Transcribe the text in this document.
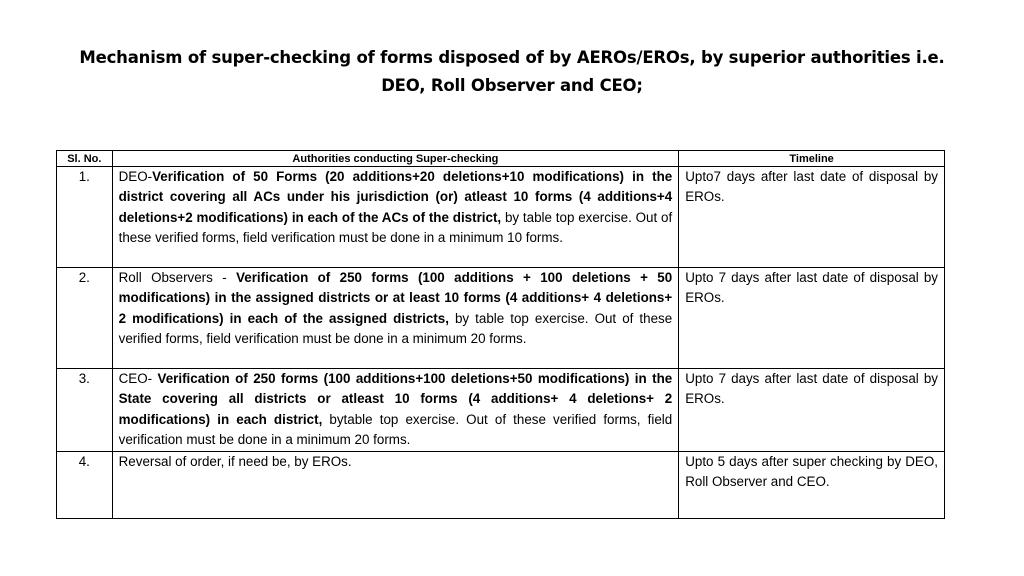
Mechanism of super-checking of forms disposed of by AEROs/EROs, by superior authorities i.e.
DEO, Roll Observer and CEO;
Sl. No.	Authorities conducting Super-checking	Timeline
1.	DEO-Verification of 50 Forms (20 additions+20 deletions+10 modifications) in the district covering all ACs under his jurisdiction (or) atleast 10 forms (4 additions+4 deletions+2 modifications) in each of the ACs of the district, by table top exercise. Out of these verified forms, field verification must be done in a minimum 10 forms.	Upto7 days after last date of disposal by EROs.
2.	Roll Observers - Verification of 250 forms (100 additions + 100 deletions + 50 modifications) in the assigned districts or at least 10 forms (4 additions+ 4 deletions+ 2 modifications) in each of the assigned districts, by table top exercise. Out of these verified forms, field verification must be done in a minimum 20 forms.	Upto 7 days after last date of disposal by EROs.
3.	CEO- Verification of 250 forms (100 additions+100 deletions+50 modifications) in the State covering all districts or atleast 10 forms (4 additions+ 4 deletions+ 2 modifications) in each district, bytable top exercise. Out of these verified forms, field verification must be done in a minimum 20 forms.	Upto 7 days after last date of disposal by EROs.
4.	Reversal of order, if need be, by EROs.	Upto 5 days after super checking by DEO, Roll Observer and CEO.
